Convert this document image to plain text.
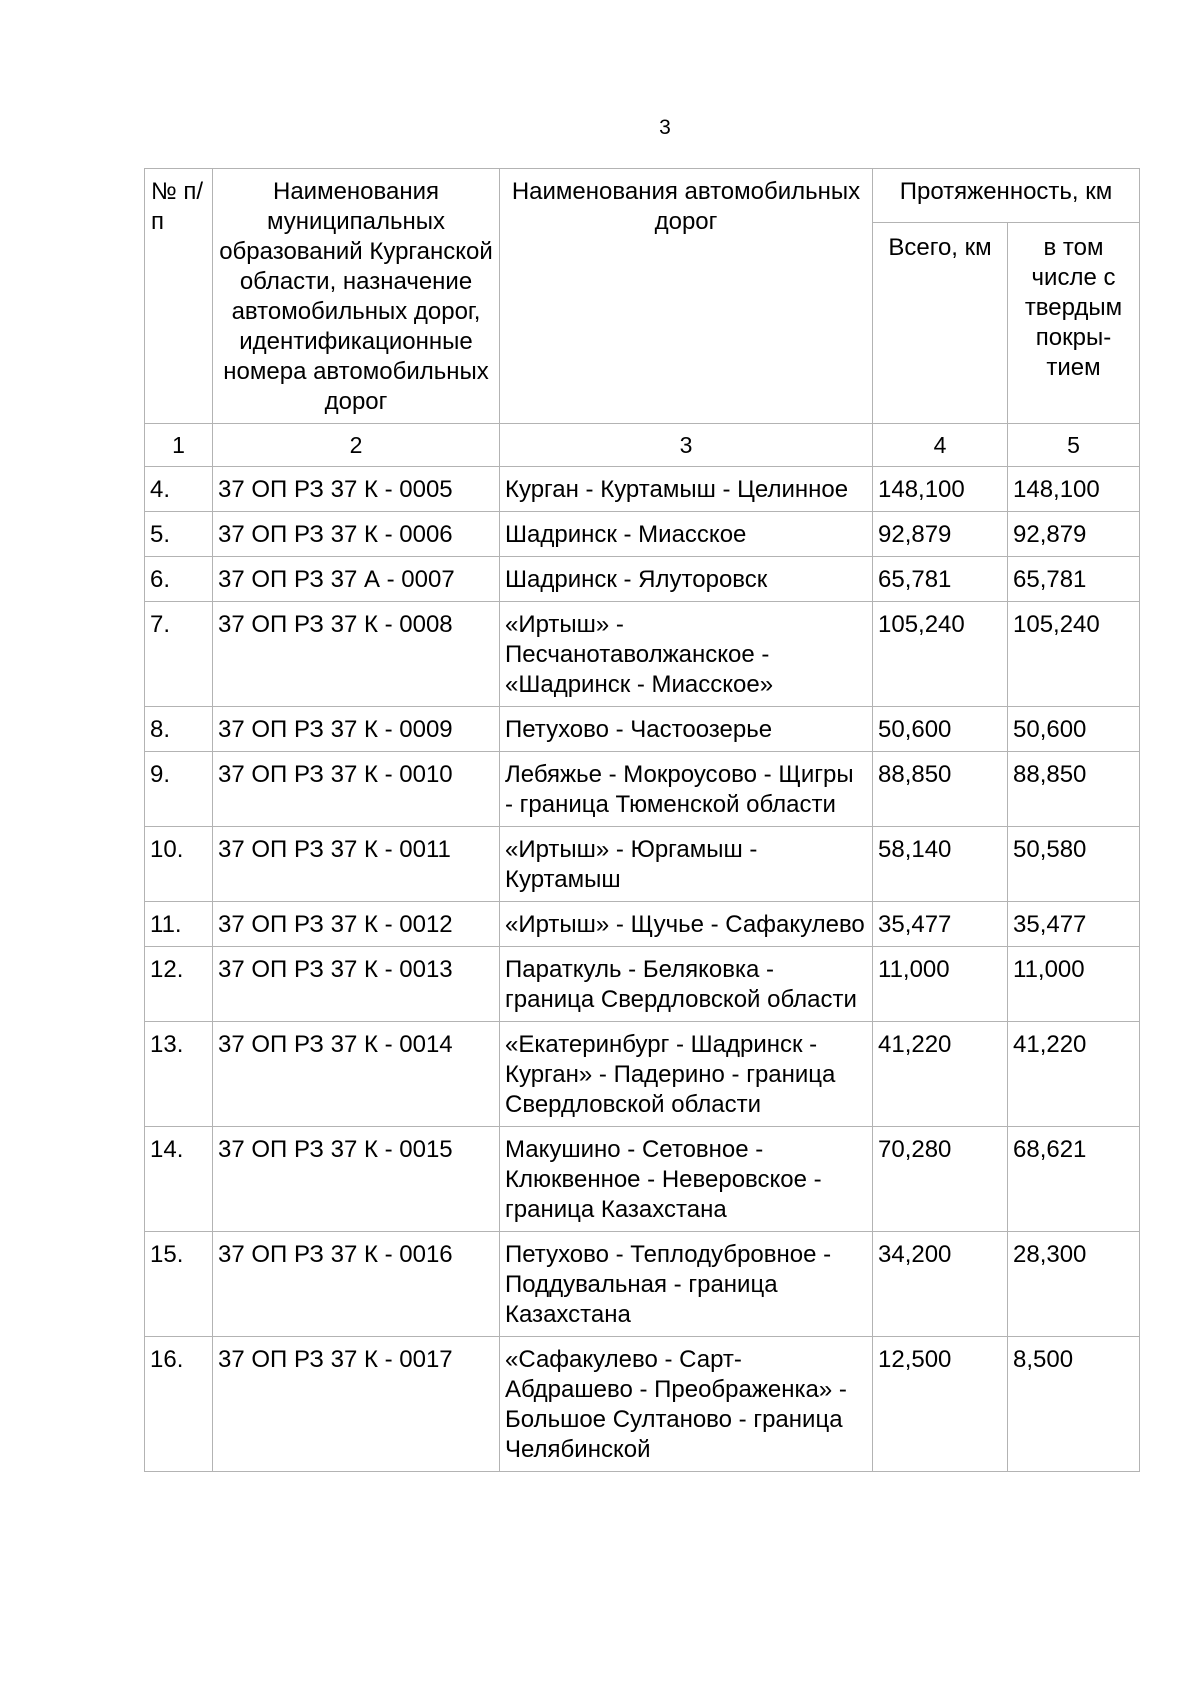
3
№ п/п	Наименования муниципальных образований Курганской области, назначение автомобильных дорог, идентификационные номера автомобильных дорог	Наименования автомобильных дорог	Протяженность, км	
			Всего, км	в том числе с твердым покры-тием
1	2	3	4	5
4.	37 ОП РЗ 37 К - 0005	Курган - Куртамыш - Целинное	148,100	148,100
5.	37 ОП РЗ 37 К - 0006	Шадринск - Миасское	92,879	92,879
6.	37 ОП РЗ 37 А - 0007	Шадринск - Ялуторовск	65,781	65,781
7.	37 ОП РЗ 37 К - 0008	«Иртыш» - Песчанотаволжанское - «Шадринск - Миасское»	105,240	105,240
8.	37 ОП РЗ 37 К - 0009	Петухово - Частоозерье	50,600	50,600
9.	37 ОП РЗ 37 К - 0010	Лебяжье - Мокроусово - Щигры - граница Тюменской области	88,850	88,850
10.	37 ОП РЗ 37 К - 0011	«Иртыш» - Юргамыш - Куртамыш	58,140	50,580
11.	37 ОП РЗ 37 К - 0012	«Иртыш» - Щучье - Сафакулево	35,477	35,477
12.	37 ОП РЗ 37 К - 0013	Параткуль - Беляковка - граница Свердловской области	11,000	11,000
13.	37 ОП РЗ 37 К - 0014	«Екатеринбург - Шадринск - Курган» - Падерино - граница Свердловской области	41,220	41,220
14.	37 ОП РЗ 37 К - 0015	Макушино - Сетовное - Клюквенное - Неверовское - граница Казахстана	70,280	68,621
15.	37 ОП РЗ 37 К - 0016	Петухово - Теплодубровное - Поддувальная - граница Казахстана	34,200	28,300
16.	37 ОП РЗ 37 К - 0017	«Сафакулево - Сарт-Абдрашево - Преображенка» - Большое Султаново - граница Челябинской	12,500	8,500
